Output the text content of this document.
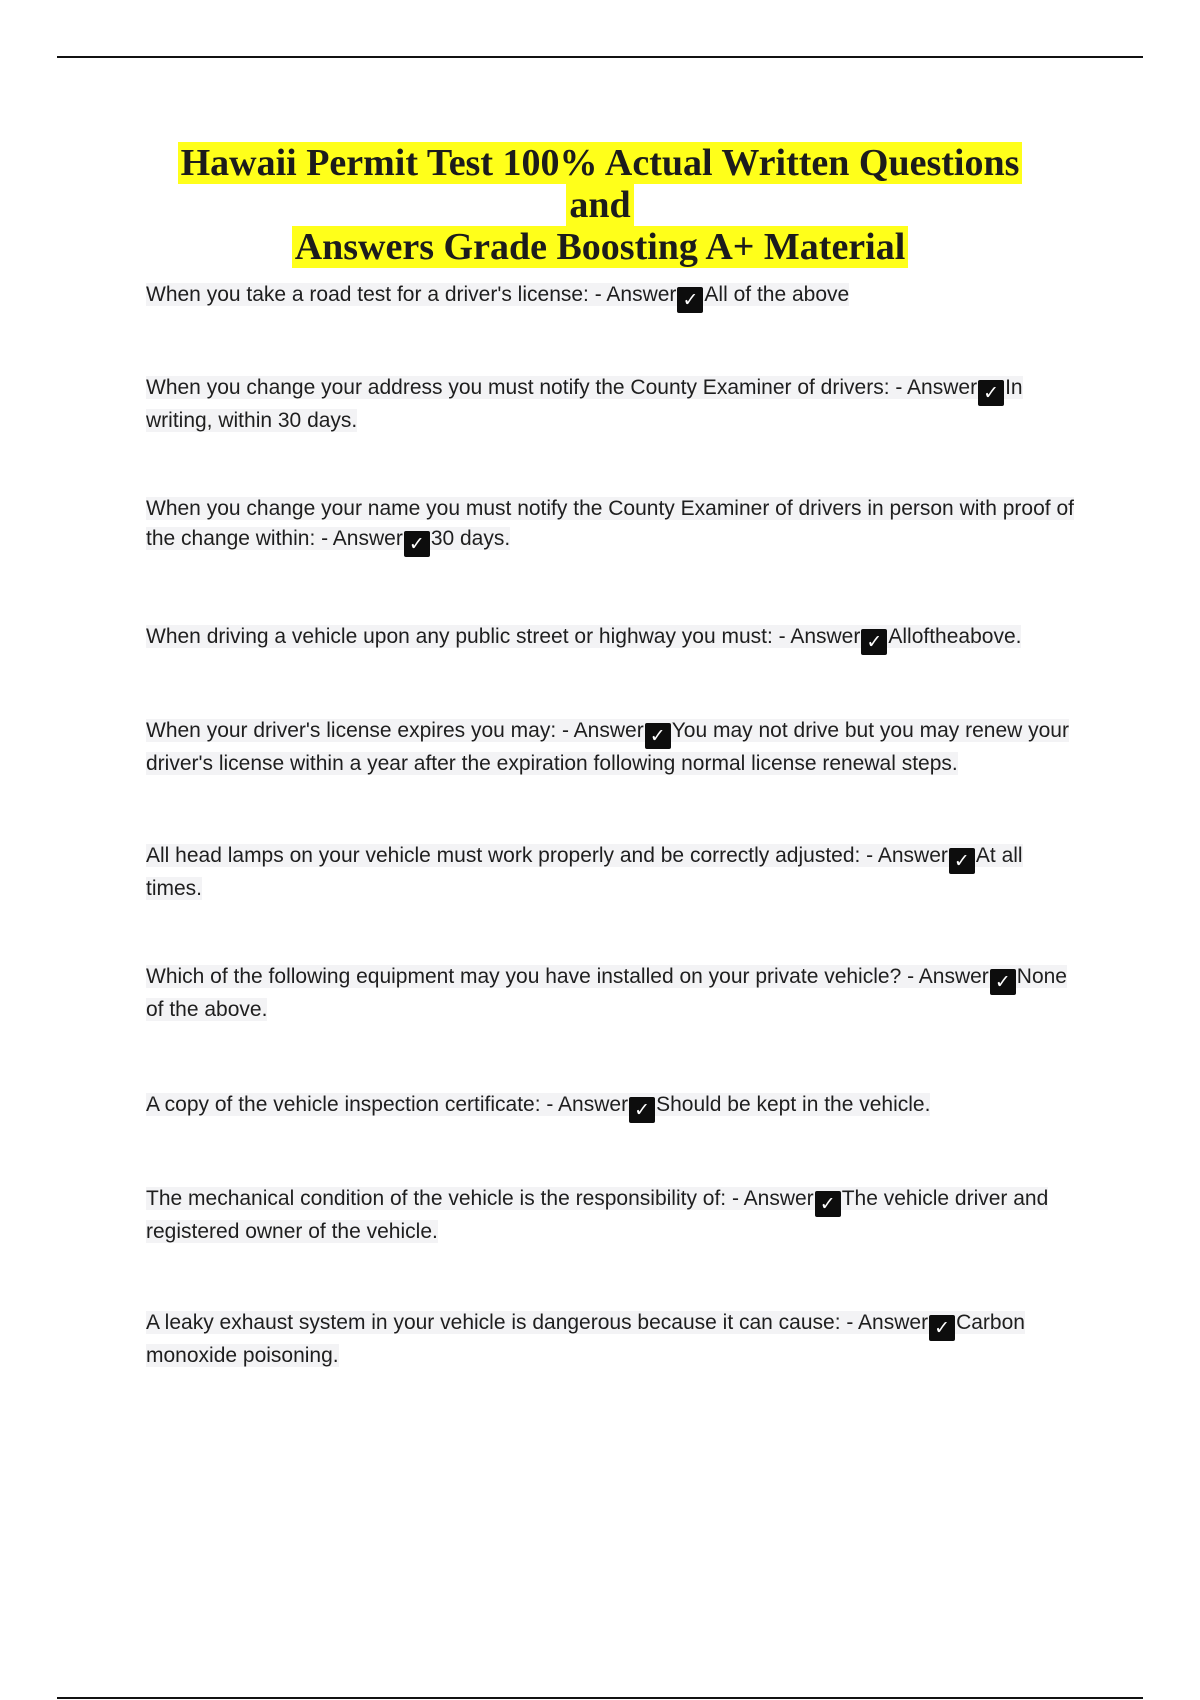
Hawaii Permit Test 100% Actual Written Questions and
Answers Grade Boosting A+ Material

When you take a road test for a driver's license: - Answer ✓ All of the above

When you change your address you must notify the County Examiner of drivers: - Answer ✓ In writing, within 30 days.

When you change your name you must notify the County Examiner of drivers in person with proof of the change within: - Answer ✓ 30 days.

When driving a vehicle upon any public street or highway you must: - Answer ✓ Alloftheabove.

When your driver's license expires you may: - Answer ✓ You may not drive but you may renew your driver's license within a year after the expiration following normal license renewal steps.

All head lamps on your vehicle must work properly and be correctly adjusted: - Answer ✓ At all times.

Which of the following equipment may you have installed on your private vehicle? - Answer✓ None of the above.

A copy of the vehicle inspection certificate: - Answer ✓ Should be kept in the vehicle.

The mechanical condition of the vehicle is the responsibility of: - Answer ✓ The vehicle driver and registered owner of the vehicle.

A leaky exhaust system in your vehicle is dangerous because it can cause: - Answer ✓ Carbon monoxide poisoning.
